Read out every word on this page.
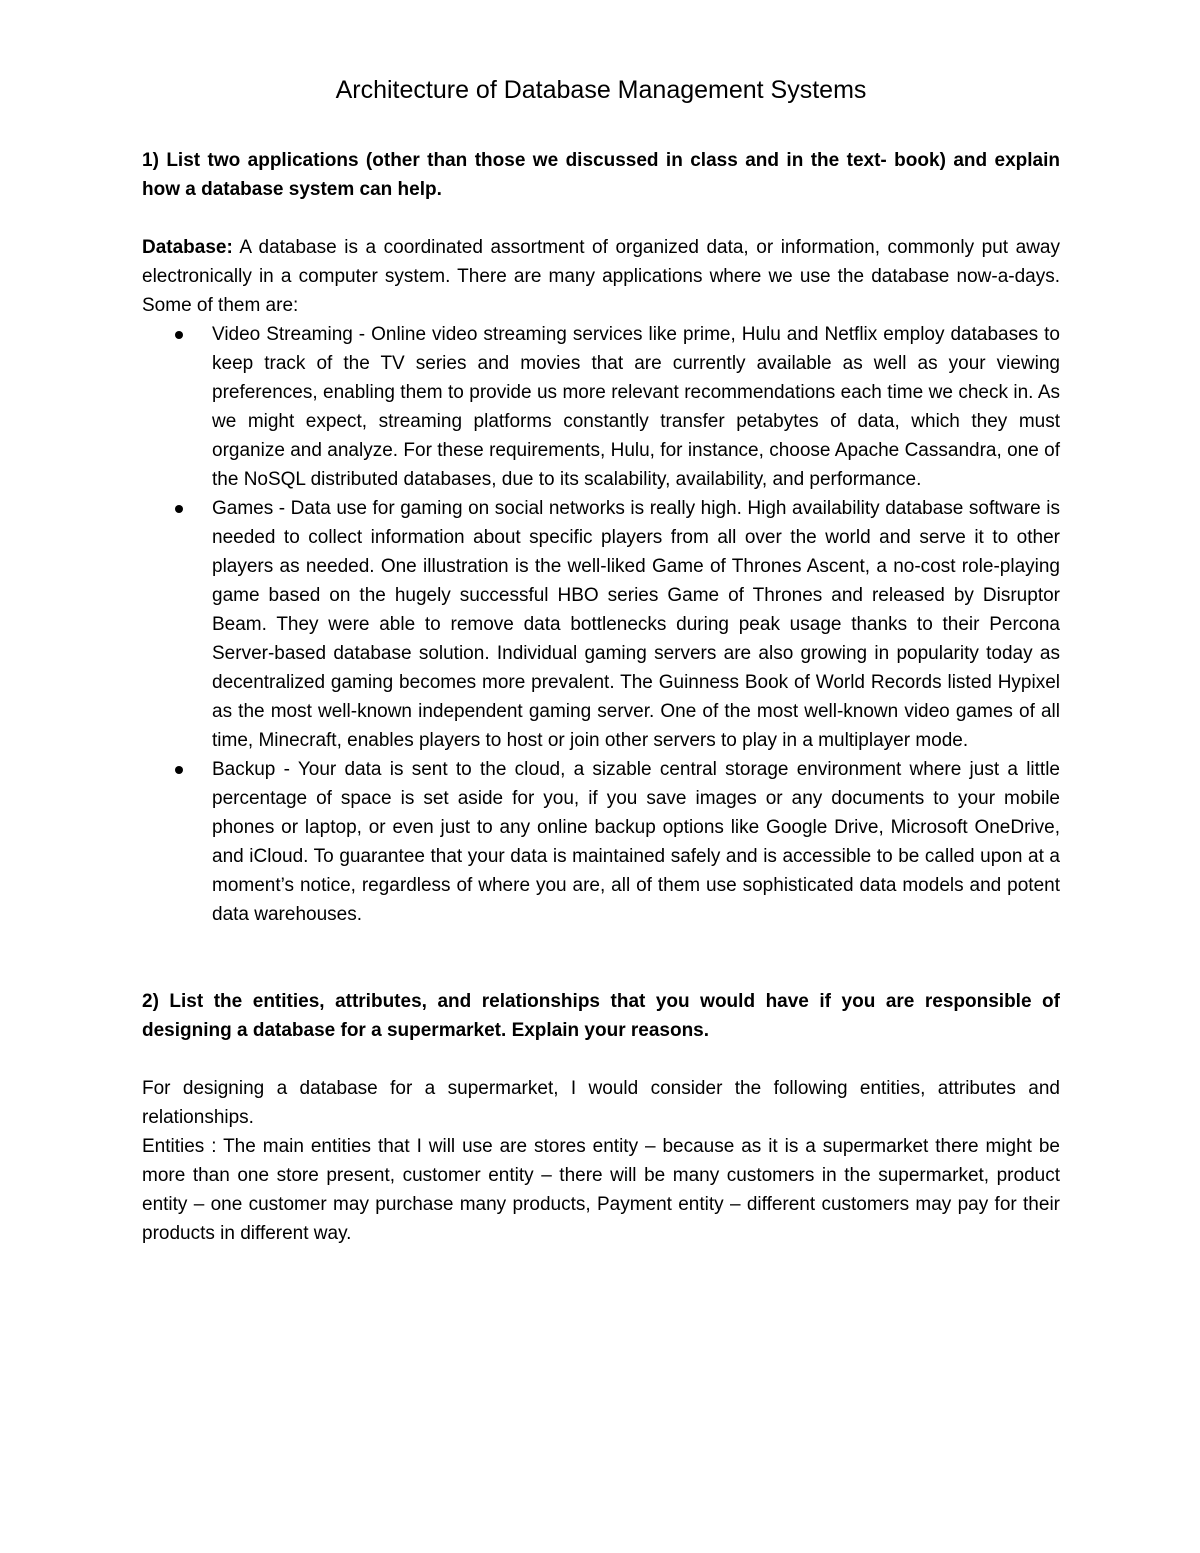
Architecture of Database Management Systems

1) List two applications (other than those we discussed in class and in the text- book) and explain how a database system can help.

Database: A database is a coordinated assortment of organized data, or information, commonly put away electronically in a computer system. There are many applications where we use the database now-a-days. Some of them are:

Video Streaming - Online video streaming services like prime, Hulu and Netflix employ databases to keep track of the TV series and movies that are currently available as well as your viewing preferences, enabling them to provide us more relevant recommendations each time we check in. As we might expect, streaming platforms constantly transfer petabytes of data, which they must organize and analyze. For these requirements, Hulu, for instance, choose Apache Cassandra, one of the NoSQL distributed databases, due to its scalability, availability, and performance.
Games - Data use for gaming on social networks is really high. High availability database software is needed to collect information about specific players from all over the world and serve it to other players as needed. One illustration is the well-liked Game of Thrones Ascent, a no-cost role-playing game based on the hugely successful HBO series Game of Thrones and released by Disruptor Beam. They were able to remove data bottlenecks during peak usage thanks to their Percona Server-based database solution. Individual gaming servers are also growing in popularity today as decentralized gaming becomes more prevalent. The Guinness Book of World Records listed Hypixel as the most well-known independent gaming server. One of the most well-known video games of all time, Minecraft, enables players to host or join other servers to play in a multiplayer mode.
Backup - Your data is sent to the cloud, a sizable central storage environment where just a little percentage of space is set aside for you, if you save images or any documents to your mobile phones or laptop, or even just to any online backup options like Google Drive, Microsoft OneDrive, and iCloud. To guarantee that your data is maintained safely and is accessible to be called upon at a moment’s notice, regardless of where you are, all of them use sophisticated data models and potent data warehouses.

2) List the entities, attributes, and relationships that you would have if you are responsible of designing a database for a supermarket. Explain your reasons.

For designing a database for a supermarket, I would consider the following entities, attributes and relationships.

Entities : The main entities that I will use are stores entity – because as it is a supermarket there might be more than one store present, customer entity – there will be many customers in the supermarket, product entity – one customer may purchase many products, Payment entity – different customers may pay for their products in different way.
